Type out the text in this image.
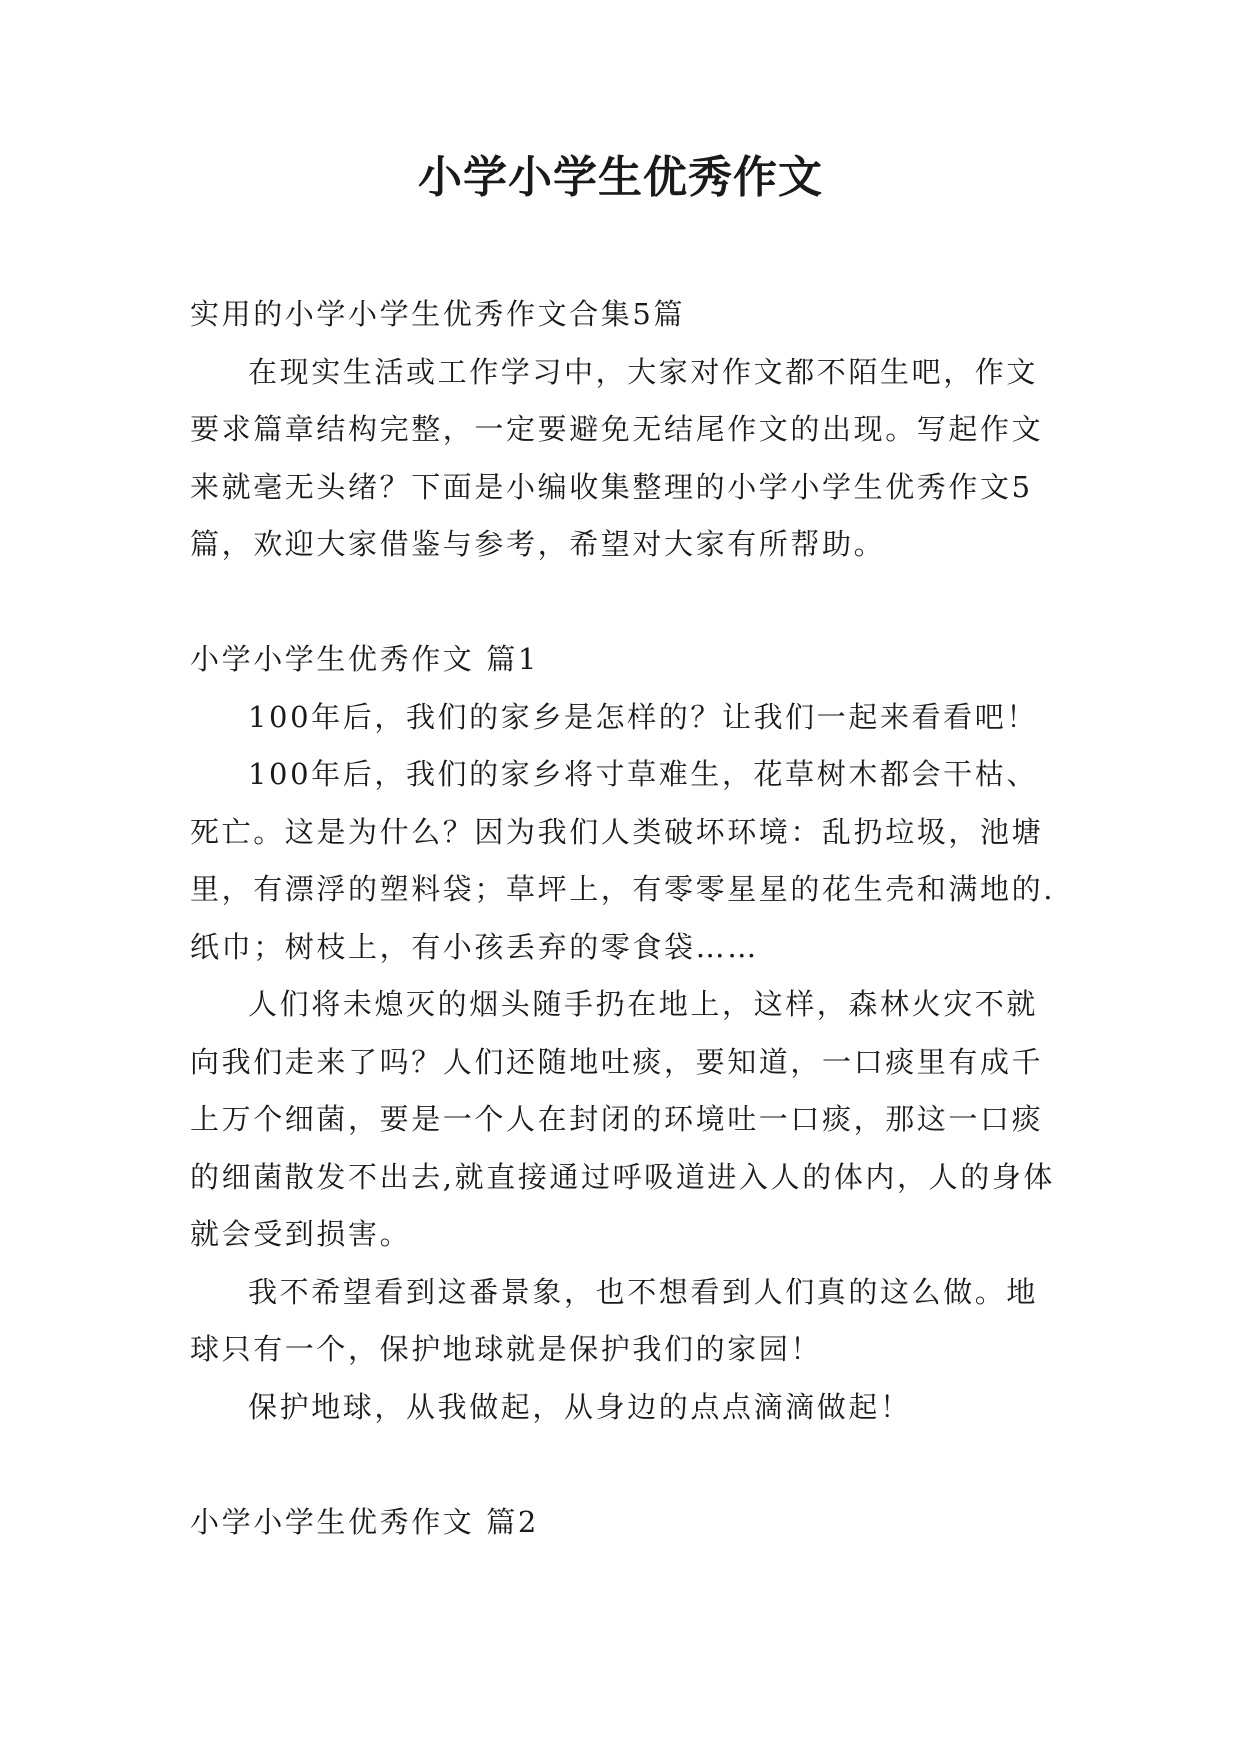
小学小学生优秀作文

实用的小学小学生优秀作文合集5篇

在现实生活或工作学习中，大家对作文都不陌生吧，作文要求篇章结构完整，一定要避免无结尾作文的出现。写起作文来就毫无头绪？下面是小编收集整理的小学小学生优秀作文5篇，欢迎大家借鉴与参考，希望对大家有所帮助。

小学小学生优秀作文 篇1

100年后，我们的家乡是怎样的？让我们一起来看看吧！

100年后，我们的家乡将寸草难生，花草树木都会干枯、死亡。这是为什么？因为我们人类破坏环境：乱扔垃圾，池塘里，有漂浮的塑料袋；草坪上，有零零星星的花生壳和满地的.纸巾；树枝上，有小孩丢弃的零食袋……

人们将未熄灭的烟头随手扔在地上，这样，森林火灾不就向我们走来了吗？人们还随地吐痰，要知道，一口痰里有成千上万个细菌，要是一个人在封闭的环境吐一口痰，那这一口痰的细菌散发不出去,就直接通过呼吸道进入人的体内，人的身体就会受到损害。

我不希望看到这番景象，也不想看到人们真的这么做。地球只有一个，保护地球就是保护我们的家园！

保护地球，从我做起，从身边的点点滴滴做起！

小学小学生优秀作文 篇2
